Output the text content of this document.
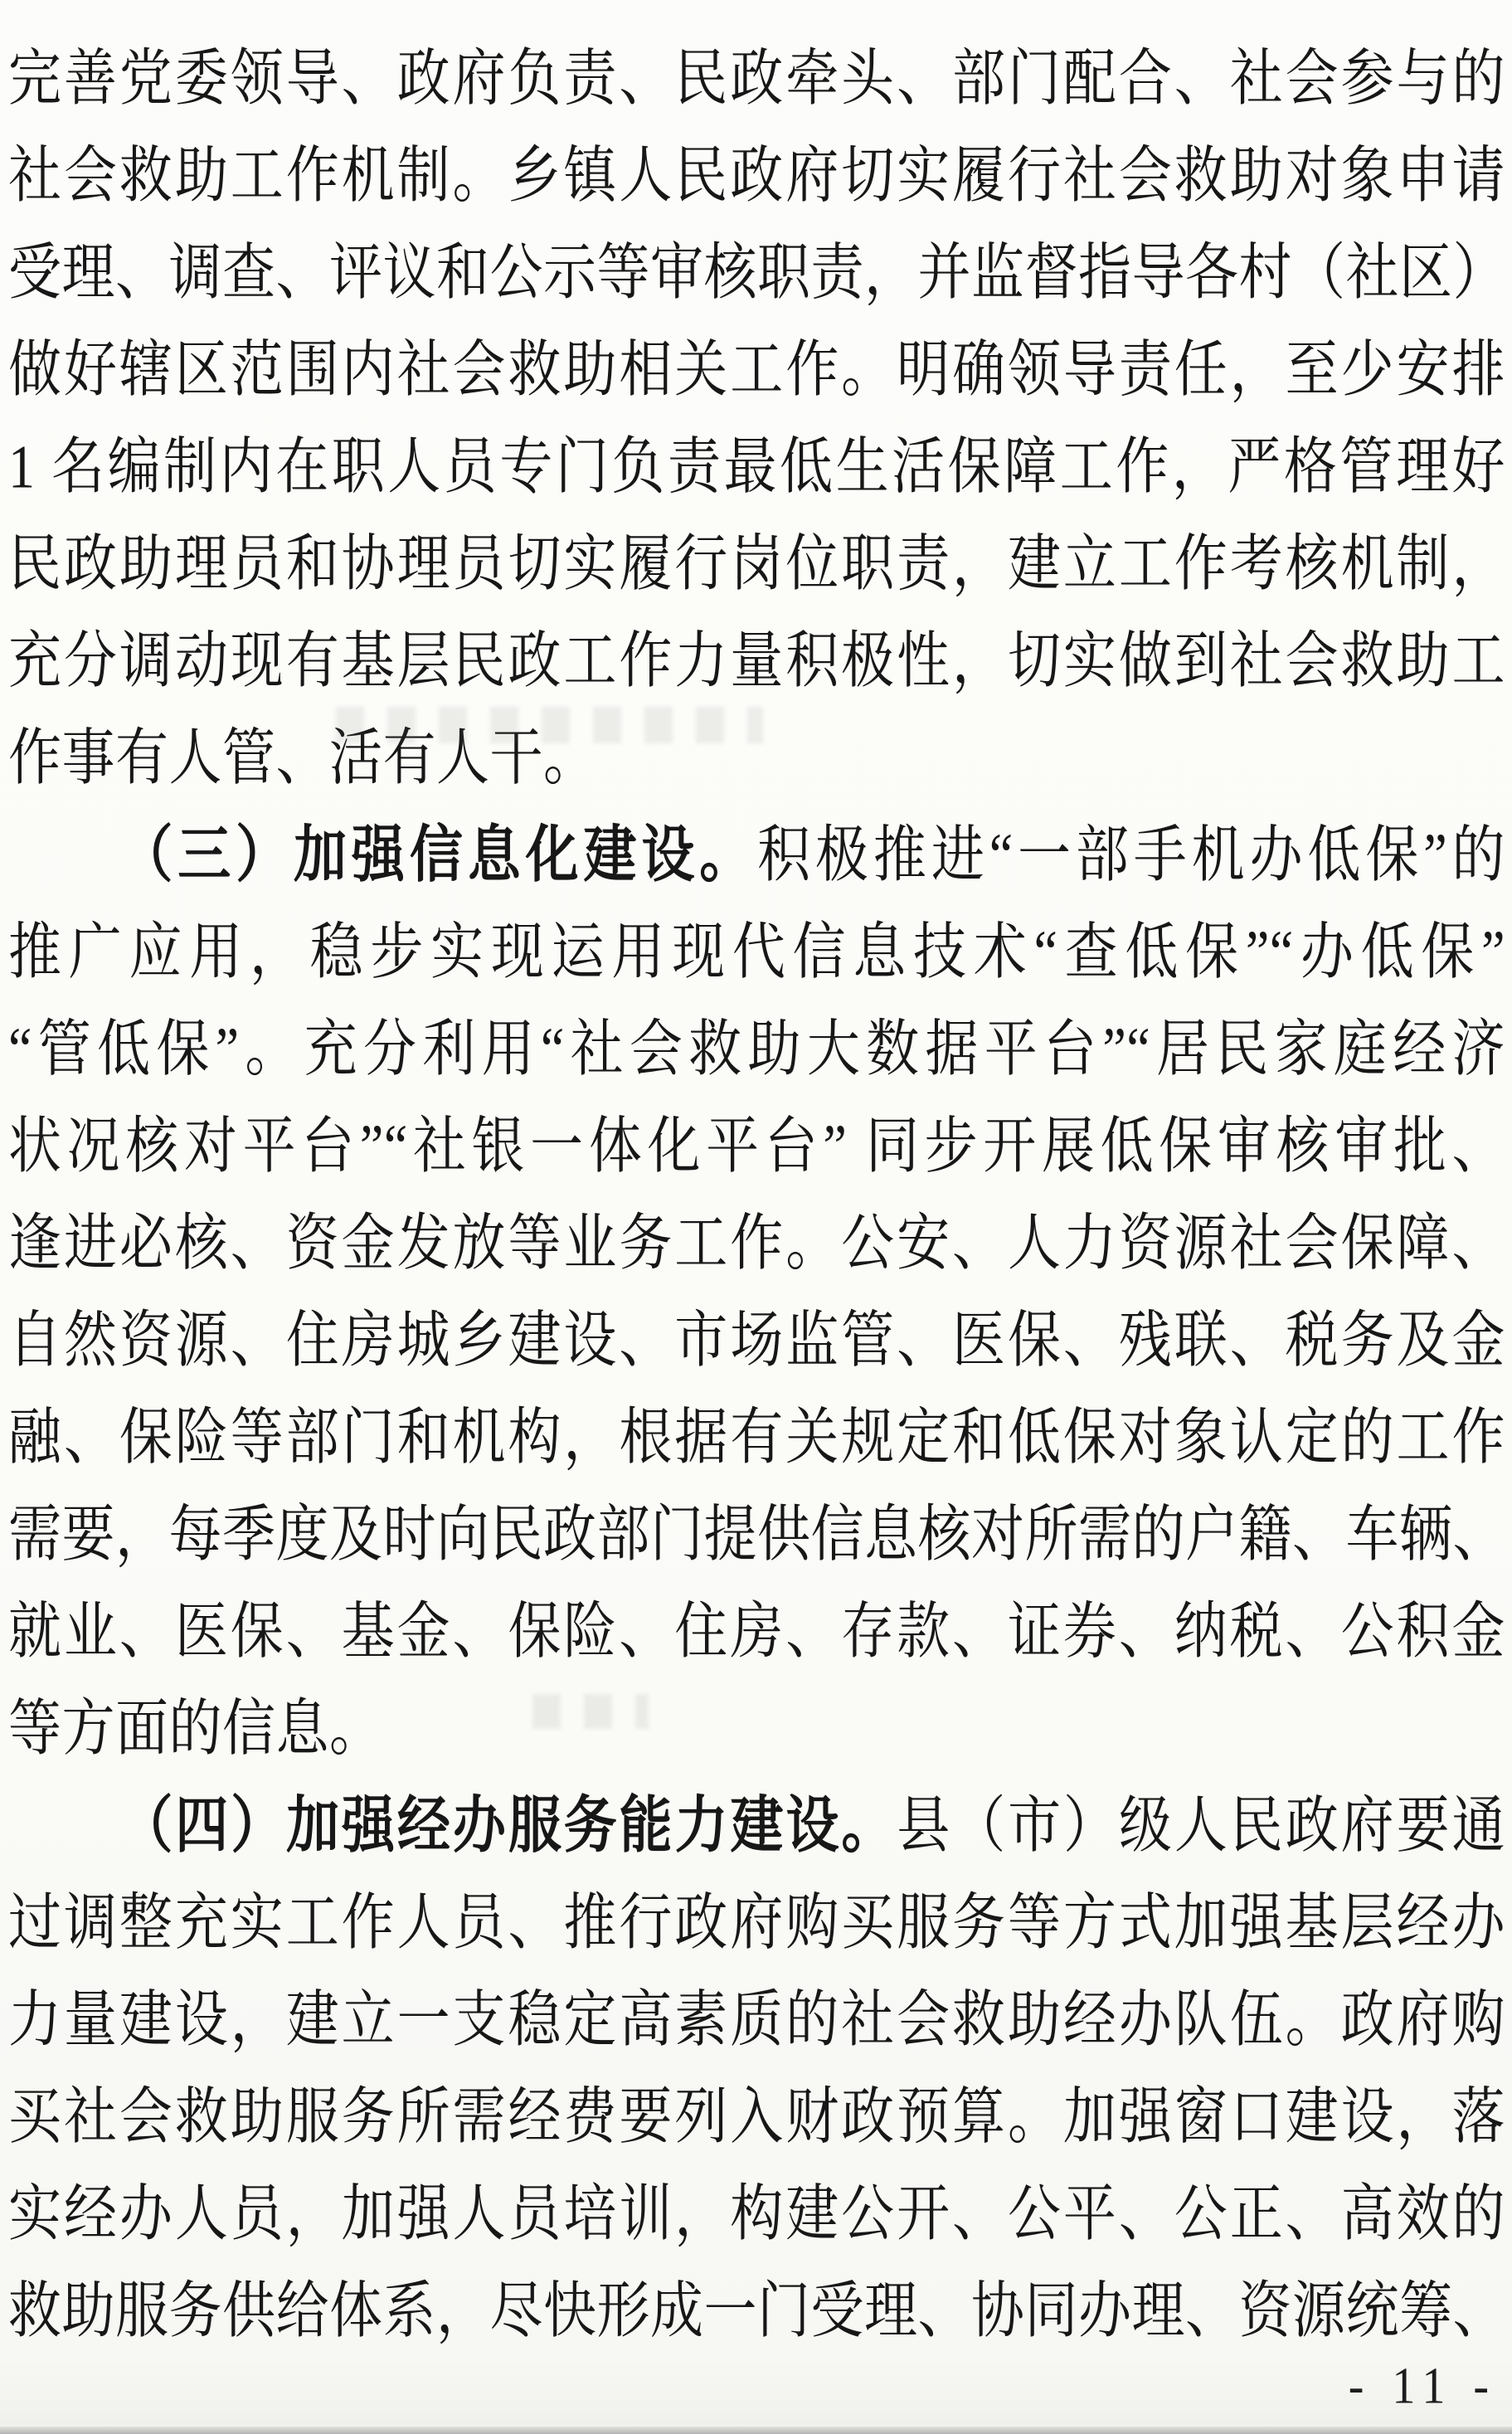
完善党委领导、政府负责、民政牵头、部门配合、社会参与的
社会救助工作机制。乡镇人民政府切实履行社会救助对象申请
受理、调查、评议和公示等审核职责，并监督指导各村（社区）
做好辖区范围内社会救助相关工作。明确领导责任，至少安排
1 名编制内在职人员专门负责最低生活保障工作，严格管理好
民政助理员和协理员切实履行岗位职责，建立工作考核机制，
充分调动现有基层民政工作力量积极性，切实做到社会救助工
作事有人管、活有人干。
（三）加强信息化建设。积极推进“一部手机办低保”的
推广应用，稳步实现运用现代信息技术“查低保”“办低保”
“管低保”。充分利用“社会救助大数据平台”“居民家庭经济
状况核对平台”“社银一体化平台” 同步开展低保审核审批、
逢进必核、资金发放等业务工作。公安、人力资源社会保障、
自然资源、住房城乡建设、市场监管、医保、残联、税务及金
融、保险等部门和机构，根据有关规定和低保对象认定的工作
需要，每季度及时向民政部门提供信息核对所需的户籍、车辆、
就业、医保、基金、保险、住房、存款、证券、纳税、公积金
等方面的信息。
（四）加强经办服务能力建设。县（市）级人民政府要通
过调整充实工作人员、推行政府购买服务等方式加强基层经办
力量建设，建立一支稳定高素质的社会救助经办队伍。政府购
买社会救助服务所需经费要列入财政预算。加强窗口建设，落
实经办人员，加强人员培训，构建公开、公平、公正、高效的
救助服务供给体系，尽快形成一门受理、协同办理、资源统筹、
- 11 -
